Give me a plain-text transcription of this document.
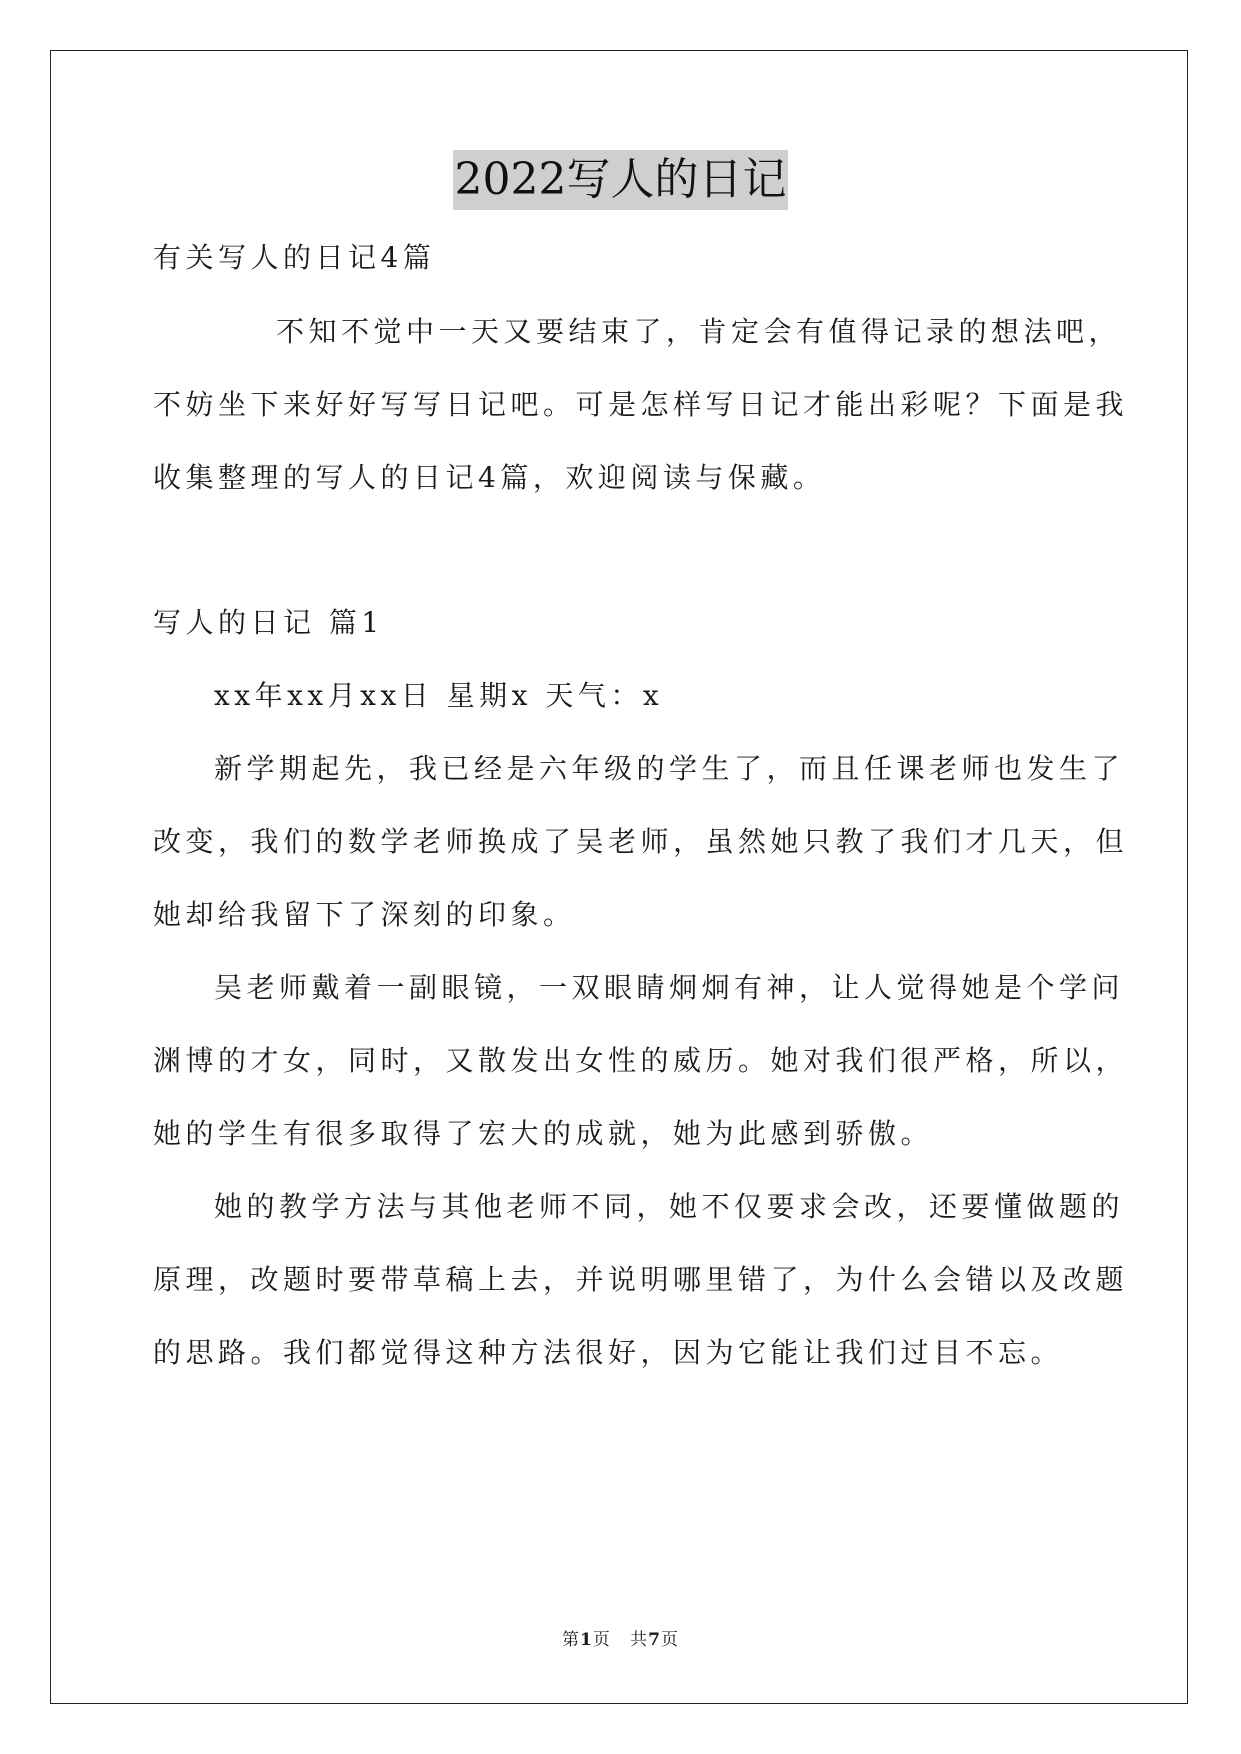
2022写人的日记
有关写人的日记4篇
不知不觉中一天又要结束了，肯定会有值得记录的想法吧，
不妨坐下来好好写写日记吧。可是怎样写日记才能出彩呢？下面是我
收集整理的写人的日记4篇，欢迎阅读与保藏。
写人的日记 篇1
xx年xx月xx日 星期x 天气：x
新学期起先，我已经是六年级的学生了，而且任课老师也发生了
改变，我们的数学老师换成了吴老师，虽然她只教了我们才几天，但
她却给我留下了深刻的印象。
吴老师戴着一副眼镜，一双眼睛炯炯有神，让人觉得她是个学问
渊博的才女，同时，又散发出女性的威历。她对我们很严格，所以，
她的学生有很多取得了宏大的成就，她为此感到骄傲。
她的教学方法与其他老师不同，她不仅要求会改，还要懂做题的
原理，改题时要带草稿上去，并说明哪里错了，为什么会错以及改题
的思路。我们都觉得这种方法很好，因为它能让我们过目不忘。
第1页   共7页
